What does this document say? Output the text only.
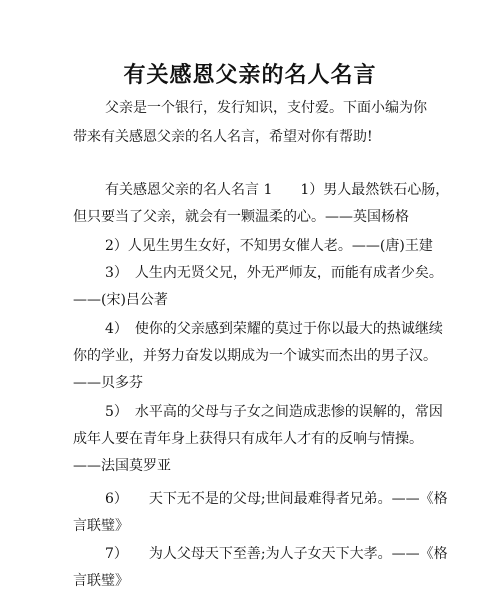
有关感恩父亲的名人名言
父亲是一个银行，发行知识，支付爱。下面小编为你
带来有关感恩父亲的名人名言，希望对你有帮助!
有关感恩父亲的名人名言 1　　1）男人最然铁石心肠，
但只要当了父亲，就会有一颗温柔的心。——英国杨格
2）人见生男生女好，不知男女催人老。——(唐)王建
3）　人生内无贤父兄，外无严师友，而能有成者少矣。
——(宋)吕公著
4）　使你的父亲感到荣耀的莫过于你以最大的热诚继续
你的学业，并努力奋发以期成为一个诚实而杰出的男子汉。
——贝多芬
5）　水平高的父母与子女之间造成悲惨的误解的，常因
成年人要在青年身上获得只有成年人才有的反响与情操。
——法国莫罗亚
6）　　天下无不是的父母;世间最难得者兄弟。——《格
言联璧》
7）　　为人父母天下至善;为人子女天下大孝。——《格
言联璧》
